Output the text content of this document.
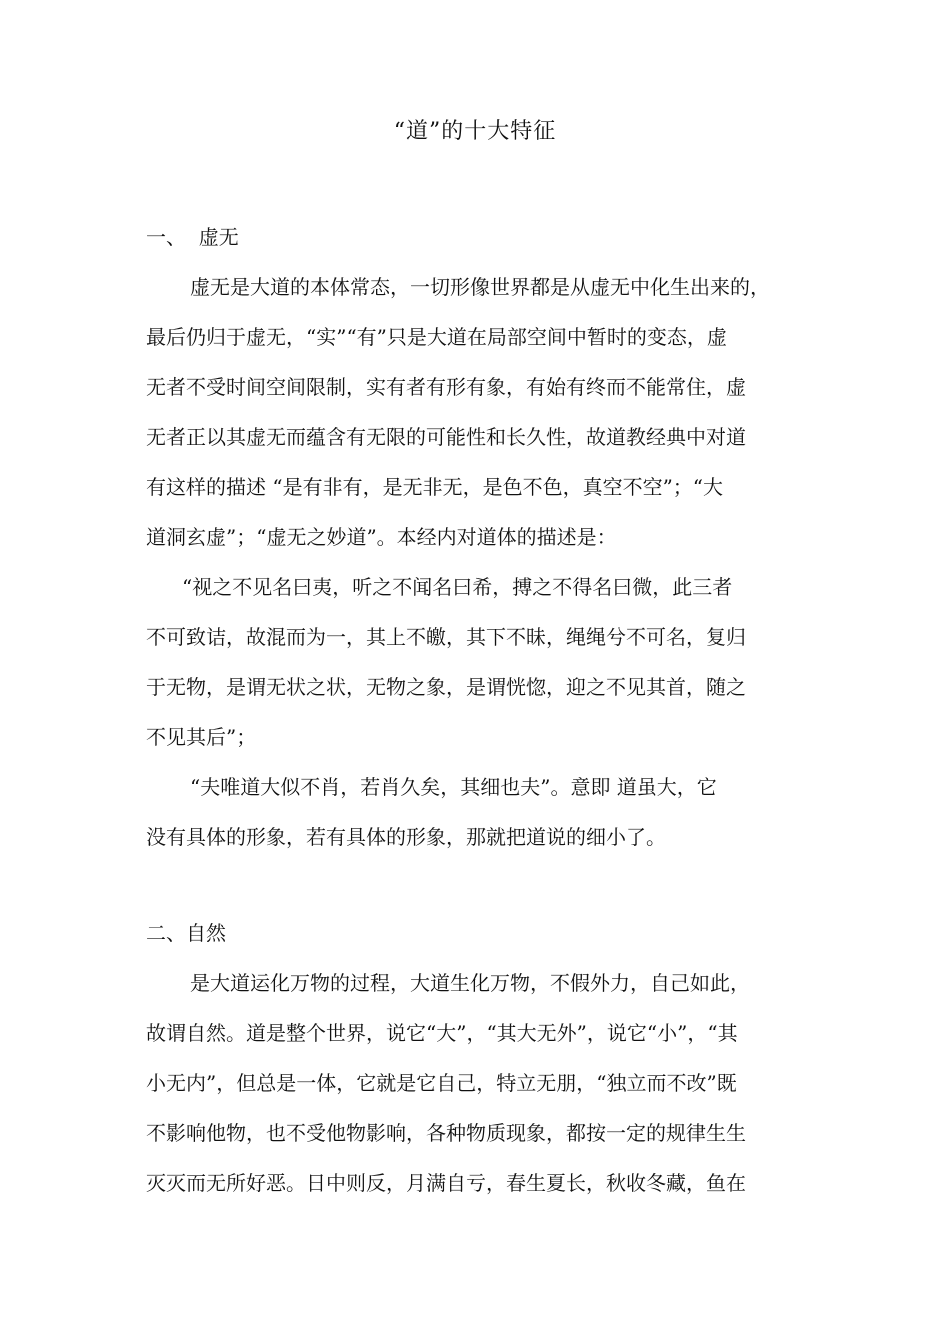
“道”的十大特征
一、  虚无
虚无是大道的本体常态，一切形像世界都是从虚无中化生出来的，
最后仍归于虚无，“实”“有”只是大道在局部空间中暂时的变态，虚
无者不受时间空间限制，实有者有形有象，有始有终而不能常住，虚
无者正以其虚无而蕴含有无限的可能性和长久性，故道教经典中对道
有这样的描述 “是有非有，是无非无，是色不色，真空不空”；“大
道洞玄虚”；“虚无之妙道”。本经内对道体的描述是：
“视之不见名曰夷，听之不闻名曰希，搏之不得名曰微，此三者
不可致诘，故混而为一，其上不皦，其下不昧，绳绳兮不可名，复归
于无物，是谓无状之状，无物之象，是谓恍惚，迎之不见其首，随之
不见其后”；
“夫唯道大似不肖，若肖久矣，其细也夫”。意即 道虽大，它
没有具体的形象，若有具体的形象，那就把道说的细小了。
二、自然
是大道运化万物的过程，大道生化万物，不假外力，自己如此，
故谓自然。道是整个世界，说它“大”，“其大无外”，说它“小”，“其
小无内”，但总是一体，它就是它自己，特立无朋，“独立而不改”既
不影响他物，也不受他物影响，各种物质现象，都按一定的规律生生
灭灭而无所好恶。日中则反，月满自亏，春生夏长，秋收冬藏，鱼在
